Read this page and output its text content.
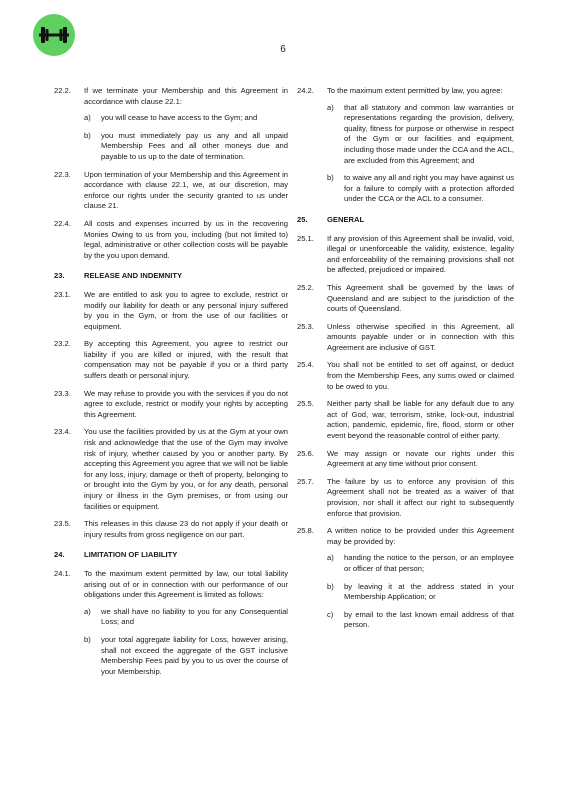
6
22.2.	If we terminate your Membership and this Agreement in accordance with clause 22.1:
a)	you will cease to have access to the Gym; and
b)	you must immediately pay us any and all unpaid Membership Fees and all other moneys due and payable to us up to the date of termination.
22.3.	Upon termination of your Membership and this Agreement in accordance with clause 22.1, we, at our discretion, may enforce our rights under the security granted to us under clause 21.
22.4.	All costs and expenses incurred by us in the recovering Monies Owing to us from you, including (but not limited to) legal, administrative or other collection costs will be payable by the you upon demand.
23.	RELEASE AND INDEMNITY
23.1.	We are entitled to ask you to agree to exclude, restrict or modify our liability for death or any personal injury suffered by you in the Gym, or from the use of our facilities or equipment.
23.2.	By accepting this Agreement, you agree to restrict our liability if you are killed or injured, with the result that compensation may not be payable if you or a third party suffers death or personal injury.
23.3.	We may refuse to provide you with the services if you do not agree to exclude, restrict or modify your rights by accepting this Agreement.
23.4.	You use the facilities provided by us at the Gym at your own risk and acknowledge that the use of the Gym may involve risk of injury, whether caused by you or another party. By accepting this Agreement you agree that we will not be liable for any loss, injury, damage or theft of property, belonging to or brought into the Gym by you, or for any death, personal injury or illness in the Gym premises, or from using our facilities or equipment.
23.5.	This releases in this clause 23 do not apply if your death or injury results from gross negligence on our part.
24.	LIMITATION OF LIABILITY
24.1.	To the maximum extent permitted by law, our total liability arising out of or in connection with our performance of our obligations under this Agreement is limited as follows:
a)	we shall have no liability to you for any Consequential Loss; and
b)	your total aggregate liability for Loss, however arising, shall not exceed the aggregate of the GST inclusive Membership Fees paid by you to us over the course of your Membership.
24.2.	To the maximum extent permitted by law, you agree:
a)	that all statutory and common law warranties or representations regarding the provision, delivery, quality, fitness for purpose or otherwise in respect of the Gym or our facilities and equipment, including those made under the CCA and the ACL, are excluded from this Agreement; and
b)	to waive any all and right you may have against us for a failure to comply with a protection afforded under the CCA or the ACL to a consumer.
25.	GENERAL
25.1.	If any provision of this Agreement shall be invalid, void, illegal or unenforceable the validity, existence, legality and enforceability of the remaining provisions shall not be affected, prejudiced or impaired.
25.2.	This Agreement shall be governed by the laws of Queensland and are subject to the jurisdiction of the courts of Queensland.
25.3.	Unless otherwise specified in this Agreement, all amounts payable under or in connection with this Agreement are inclusive of GST.
25.4.	You shall not be entitled to set off against, or deduct from the Membership Fees, any sums owed or claimed to be owed to you.
25.5.	Neither party shall be liable for any default due to any act of God, war, terrorism, strike, lock-out, industrial action, pandemic, epidemic, fire, flood, storm or other event beyond the reasonable control of either party.
25.6.	We may assign or novate our rights under this Agreement at any time without prior consent.
25.7.	The failure by us to enforce any provision of this Agreement shall not be treated as a waiver of that provision, nor shall it affect our right to subsequently enforce that provision.
25.8.	A written notice to be provided under this Agreement may be provided by:
a)	handing the notice to the person, or an employee or officer of that person;
b)	by leaving it at the address stated in your Membership Application; or
c)	by email to the last known email address of that person.
